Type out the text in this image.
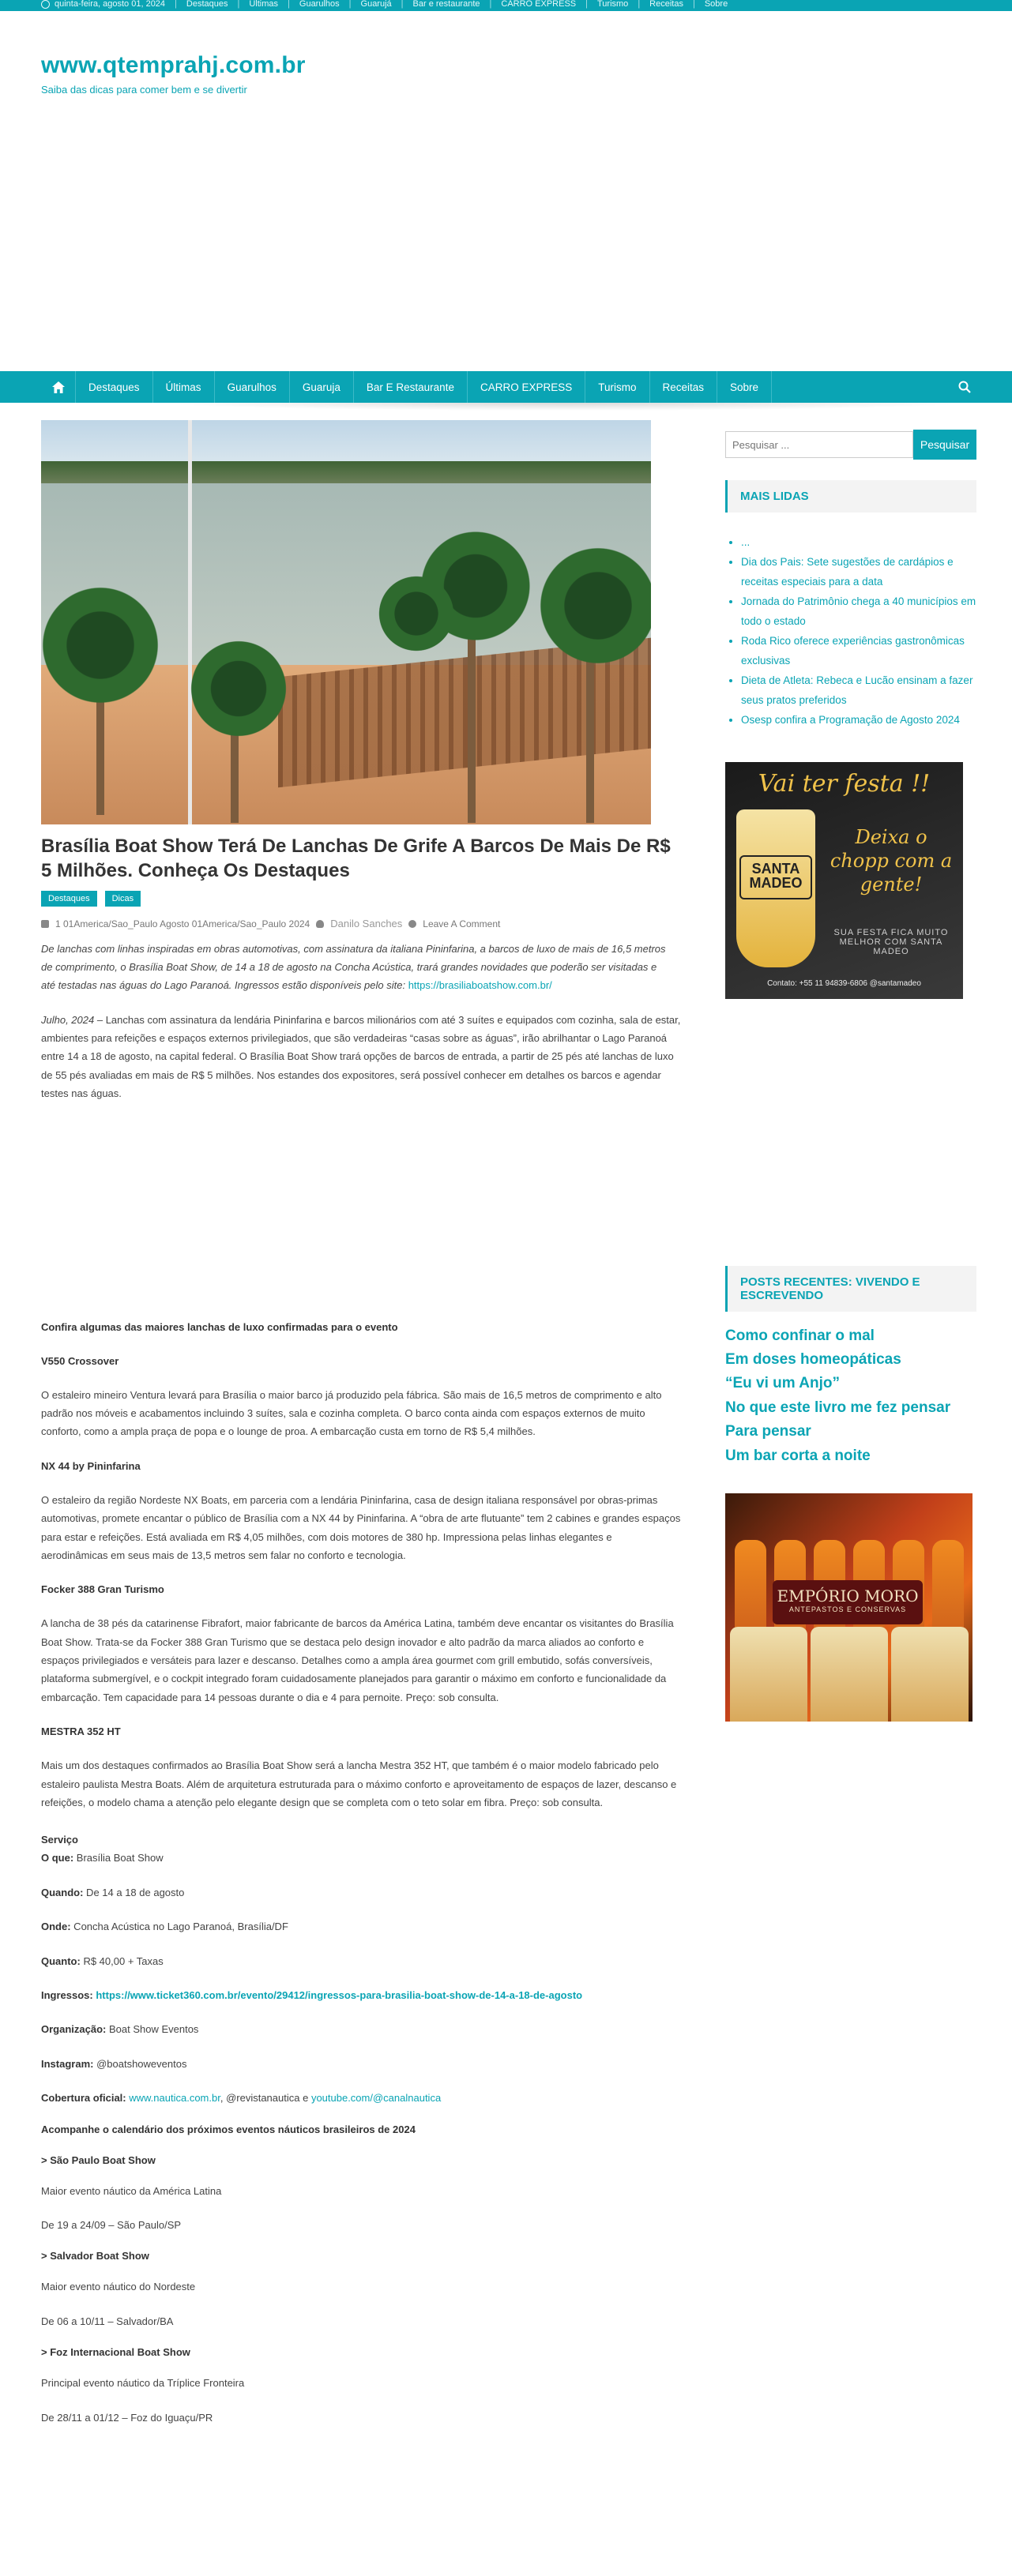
quinta-feira, agosto 01, 2024 | Destaques | Últimas | Guarulhos | Guarujá | Bar e restaurante | CARRO EXPRESS | Turismo | Receitas | Sobre
www.qtemprahj.com.br
Saiba das dicas para comer bem e se divertir
Destaques	Últimas	Guarulhos	Guaruja	Bar E Restaurante	CARRO EXPRESS	Turismo	Receitas	Sobre
Brasília Boat Show Terá De Lanchas De Grife A Barcos De Mais De R$ 5 Milhões. Conheça Os Destaques
Destaques	Dicas
1 01America/Sao_Paulo Agosto 01America/Sao_Paulo 2024 Danilo Sanches Leave A Comment

De lanchas com linhas inspiradas em obras automotivas, com assinatura da italiana Pininfarina, a barcos de luxo de mais de 16,5 metros de comprimento, o Brasília Boat Show, de 14 a 18 de agosto na Concha Acústica, trará grandes novidades que poderão ser visitadas e até testadas nas águas do Lago Paranoá. Ingressos estão disponíveis pelo site: https://brasiliaboatshow.com.br/

Julho, 2024 – Lanchas com assinatura da lendária Pininfarina e barcos milionários com até 3 suítes e equipados com cozinha, sala de estar, ambientes para refeições e espaços externos privilegiados, que são verdadeiras “casas sobre as águas”, irão abrilhantar o Lago Paranoá entre 14 a 18 de agosto, na capital federal. O Brasília Boat Show trará opções de barcos de entrada, a partir de 25 pés até lanchas de luxo de 55 pés avaliadas em mais de R$ 5 milhões. Nos estandes dos expositores, será possível conhecer em detalhes os barcos e agendar testes nas águas.

Confira algumas das maiores lanchas de luxo confirmadas para o evento

V550 Crossover

O estaleiro mineiro Ventura levará para Brasília o maior barco já produzido pela fábrica. São mais de 16,5 metros de comprimento e alto padrão nos móveis e acabamentos incluindo 3 suítes, sala e cozinha completa. O barco conta ainda com espaços externos de muito conforto, como a ampla praça de popa e o lounge de proa. A embarcação custa em torno de R$ 5,4 milhões.

NX 44 by Pininfarina

O estaleiro da região Nordeste NX Boats, em parceria com a lendária Pininfarina, casa de design italiana responsável por obras-primas automotivas, promete encantar o público de Brasília com a NX 44 by Pininfarina. A “obra de arte flutuante” tem 2 cabines e grandes espaços para estar e refeições. Está avaliada em R$ 4,05 milhões, com dois motores de 380 hp. Impressiona pelas linhas elegantes e aerodinâmicas em seus mais de 13,5 metros sem falar no conforto e tecnologia.

Focker 388 Gran Turismo

A lancha de 38 pés da catarinense Fibrafort, maior fabricante de barcos da América Latina, também deve encantar os visitantes do Brasília Boat Show. Trata-se da Focker 388 Gran Turismo que se destaca pelo design inovador e alto padrão da marca aliados ao conforto e espaços privilegiados e versáteis para lazer e descanso. Detalhes como a ampla área gourmet com grill embutido, sofás conversíveis, plataforma submergível, e o cockpit integrado foram cuidadosamente planejados para garantir o máximo em conforto e funcionalidade da embarcação. Tem capacidade para 14 pessoas durante o dia e 4 para pernoite. Preço: sob consulta.

MESTRA 352 HT

Mais um dos destaques confirmados ao Brasília Boat Show será a lancha Mestra 352 HT, que também é o maior modelo fabricado pelo estaleiro paulista Mestra Boats. Além de arquitetura estruturada para o máximo conforto e aproveitamento de espaços de lazer, descanso e refeições, o modelo chama a atenção pelo elegante design que se completa com o teto solar em fibra. Preço: sob consulta.

Serviço

O que: Brasília Boat Show

Quando: De 14 a 18 de agosto

Onde: Concha Acústica no Lago Paranoá, Brasília/DF

Quanto: R$ 40,00 + Taxas

Ingressos: https://www.ticket360.com.br/evento/29412/ingressos-para-brasilia-boat-show-de-14-a-18-de-agosto

Organização: Boat Show Eventos

Instagram: @boatshoweventos

Cobertura oficial: www.nautica.com.br, @revistanautica e youtube.com/@canalnautica

Acompanhe o calendário dos próximos eventos náuticos brasileiros de 2024

> São Paulo Boat Show

Maior evento náutico da América Latina

De 19 a 24/09 – São Paulo/SP

> Salvador Boat Show

Maior evento náutico do Nordeste

De 06 a 10/11 – Salvador/BA

> Foz Internacional Boat Show

Principal evento náutico da Tríplice Fronteira

De 28/11 a 01/12 – Foz do Iguaçu/PR

Pesquisar ...
Pesquisar
MAIS LIDAS
• ...
• Dia dos Pais: Sete sugestões de cardápios e receitas especiais para a data
• Jornada do Patrimônio chega a 40 municípios em todo o estado
• Roda Rico oferece experiências gastronômicas exclusivas
• Dieta de Atleta: Rebeca e Lucão ensinam a fazer seus pratos preferidos
• Osesp confira a Programação de Agosto 2024
Vai ter festa !!
SANTA MADEO
Deixa o chopp com a gente!
SUA FESTA FICA MUITO MELHOR COM SANTA MADEO
Contato: +55 11 94839-6806 @santamadeo
POSTS RECENTES: VIVENDO E ESCREVENDO
Como confinar o mal
Em doses homeopáticas
“Eu vi um Anjo”
No que este livro me fez pensar
Para pensar
Um bar corta a noite
EMPÓRIO MORO
ANTEPASTOS E CONSERVAS
